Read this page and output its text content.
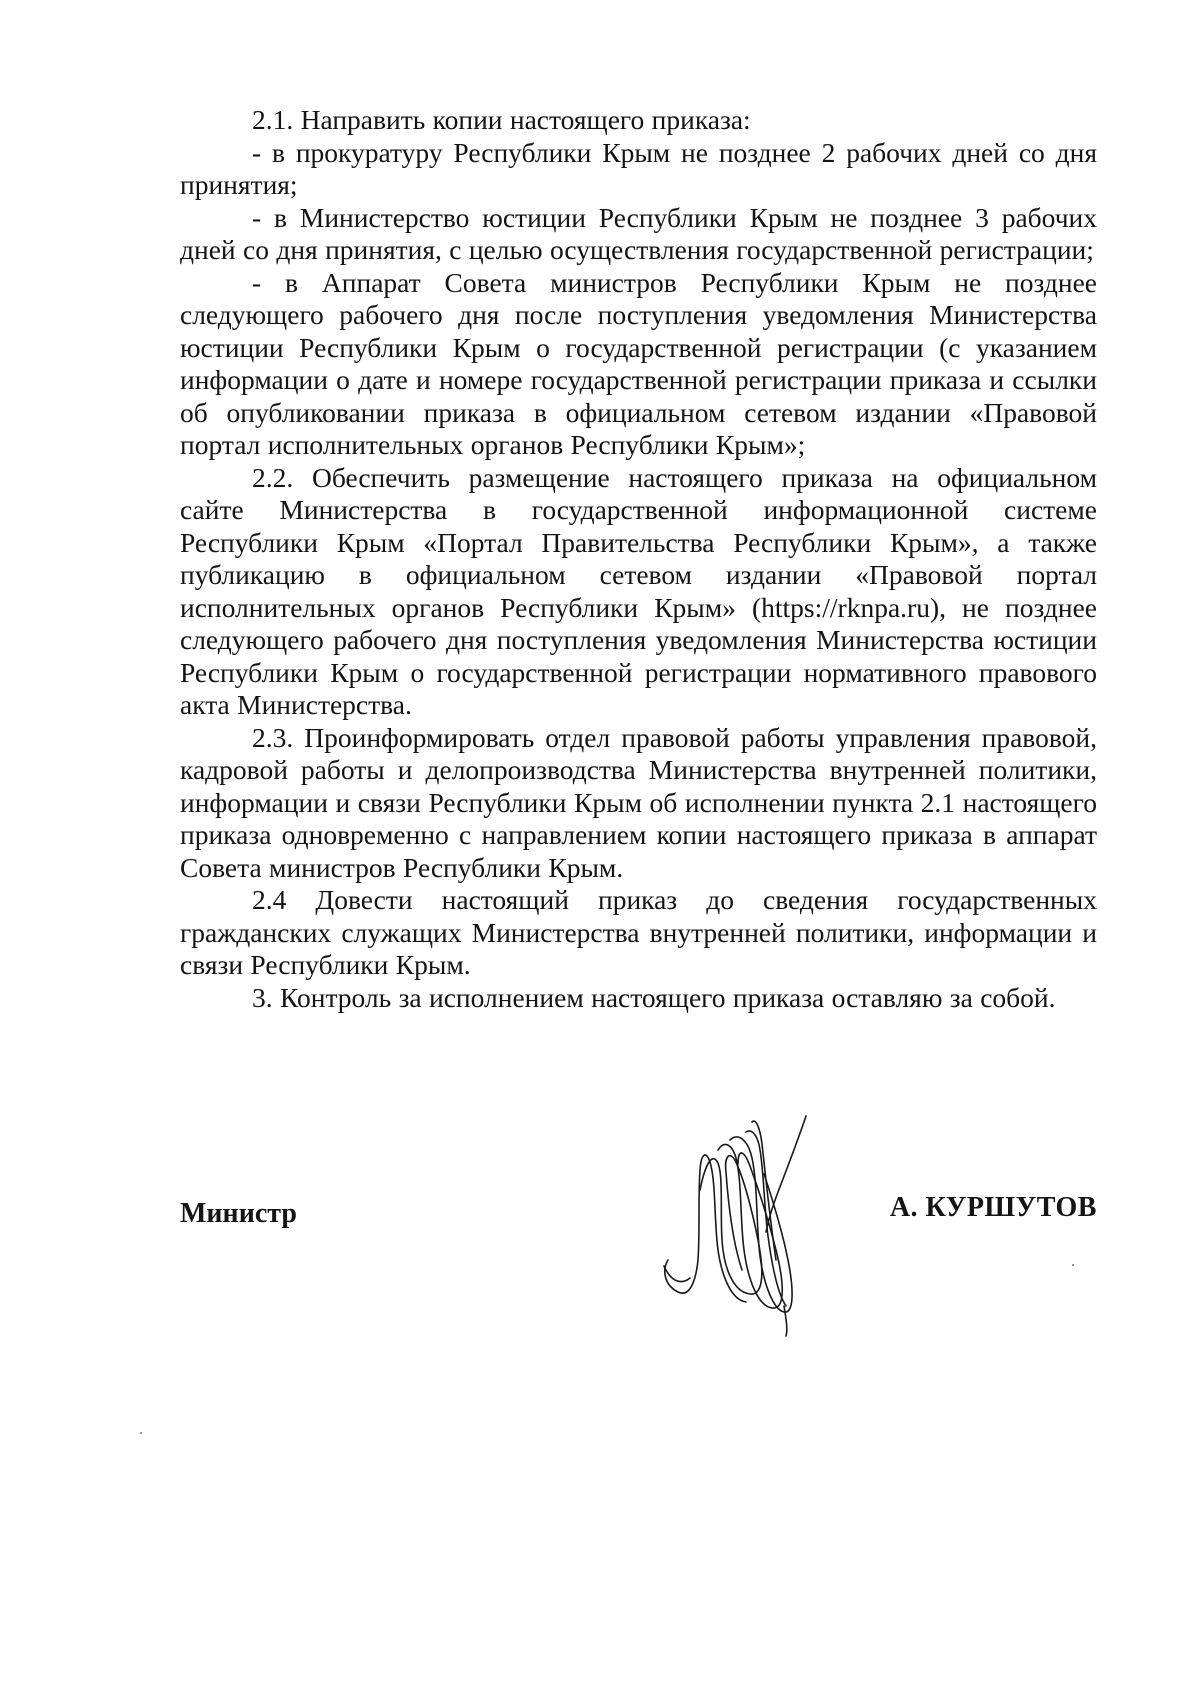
2.1. Направить копии настоящего приказа:

- в прокуратуру Республики Крым не позднее 2 рабочих дней со дня принятия;

- в Министерство юстиции Республики Крым не позднее 3 рабочих дней со дня принятия, с целью осуществления государственной регистрации;

- в Аппарат Совета министров Республики Крым не позднее следующего рабочего дня после поступления уведомления Министерства юстиции Республики Крым о государственной регистрации (с указанием информации о дате и номере государственной регистрации приказа и ссылки об опубликовании приказа в официальном сетевом издании «Правовой портал исполнительных органов Республики Крым»;

2.2. Обеспечить размещение настоящего приказа на официальном сайте Министерства в государственной информационной системе Республики Крым «Портал Правительства Республики Крым», а также публикацию в официальном сетевом издании «Правовой портал исполнительных органов Республики Крым» (https://rknpa.ru), не позднее следующего рабочего дня поступления уведомления Министерства юстиции Республики Крым о государственной регистрации нормативного правового акта Министерства.

2.3. Проинформировать отдел правовой работы управления правовой, кадровой работы и делопроизводства Министерства внутренней политики, информации и связи Республики Крым об исполнении пункта 2.1 настоящего приказа одновременно с направлением копии настоящего приказа в аппарат Совета министров Республики Крым.

2.4 Довести настоящий приказ до сведения государственных гражданских служащих Министерства внутренней политики, информации и связи Республики Крым.

3. Контроль за исполнением настоящего приказа оставляю за собой.

Министр	А. КУРШУТОВ
